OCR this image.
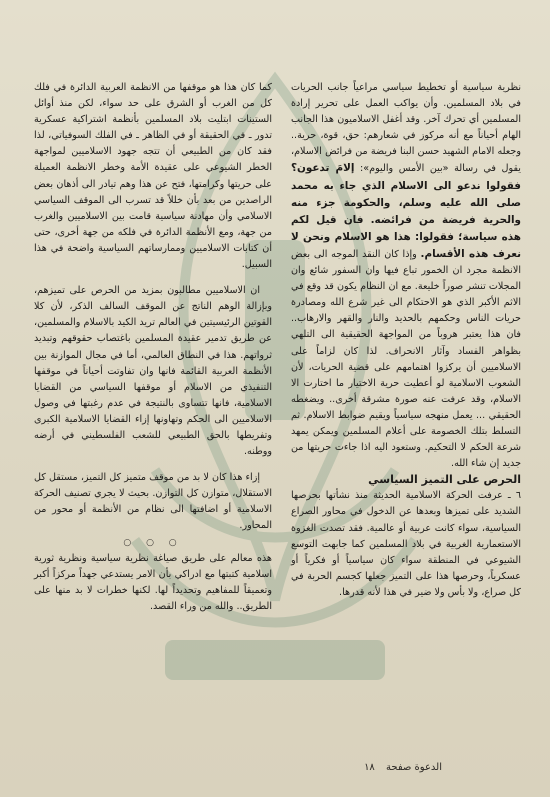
نظرية سياسية أو تخطيط سياسي مراعياً جانب الحريات في بلاد المسلمين. وأن يواكب العمل على تحرير إرادة المسلمين أي تحرك آخر. وقد أغفل الاسلاميون هذا الجانب الهام أحياناً مع أنه مركوز في شعارهم: حق، قوة، حرية.. وجعله الامام الشهيد حسن البنا فريضة من فرائض الاسلام، يقول في رسالة «بين الأمس واليوم»: إلامَ تدعون؟ فقولوا ندعو الى الاسلام الذي جاء به محمد صلى الله عليه وسلم، والحكومة جزء منه والحرية فريضة من فرائضه. فان قيل لكم هذه سياسة؛ فقولوا: هذا هو الاسلام ونحن لا نعرف هذه الأقسام. وإذا كان النقد الموجه الى بعض الانظمة مجرد ان الخمور تباع فيها وان السفور شائع وان المجلات تنشر صوراً خليعة. مع ان النظام يكون قد وقع في الاثم الأكبر الذي هو الاحتكام الى غير شرع الله ومصادرة حريات الناس وحكمهم بالحديد والنار والقهر والارهاب.. فان هذا يعتبر هروباً من المواجهة الحقيقية الى التلهي بظواهر الفساد وآثار الانحراف. لذا كان لزاماً على الاسلاميين أن يركزوا اهتمامهم على قضية الحريات، لأن الشعوب الاسلامية لو أعطيت حرية الاختيار ما اختارت الا الاسلام، وقد عرفت عنه صورة مشرقة أخرى.. ويضغطه الحقيقي ... يعمل منهجه سياسياً ويقيم ضوابط الاسلام. ثم التسلط بتلك الخصومة على أعلام المسلمين ويمكن يمهد شرعة الحكم لا التحكيم. وستعود اليه اذا جاءت حريتها من جديد إن شاء الله.

الحرص على التميز السياسي

٦ ـ عرفت الحركة الاسلامية الحديثة منذ نشأتها بحرصها الشديد على تميزها وبعدها عن الدخول في محاور الصراع السياسية، سواء كانت عربية أو عالمية. فقد تصدت الغزوة الاستعمارية الغربية في بلاد المسلمين كما جابهت التوسع الشيوعي في المنطقة سواء كان سياسياً أو فكرياً أو عسكرياً، وحرصها هذا على التميز جعلها كجسم الحربة في كل صراع، ولا بأس ولا ضير في هذا لأنه قدرها.

كما كان هذا هو موقفها من الانظمة العربية الدائرة في فلك كل من الغرب أو الشرق على حد سواء، لكن منذ أوائل الستينات ابتليت بلاد المسلمين بأنظمة اشتراكية عسكرية تدور ـ في الحقيقة أو في الظاهر ـ في الفلك السوفياتي، لذا فقد كان من الطبيعي أن تتجه جهود الاسلاميين لمواجهة الخطر الشيوعي على عقيدة الأمة وخطر الانظمة العميلة على حريتها وكرامتها، فتح عن هذا وهم تيادر الى أذهان بعض الراصدين من بعد بأن خللاً قد تسرب الى الموقف السياسي الاسلامي وأن مهادنة سياسية قامت بين الاسلاميين والغرب من جهة، ومع الأنظمة الدائرة في فلكه من جهة أخرى، حتى أن كتابات الاسلاميين وممارساتهم السياسية واضحة في هذا السبيل.

ان الاسلاميين مطالبون بمزيد من الحرص على تميزهم، وبإزالة الوهم الناتج عن الموقف السالف الذكر، لأن كلا القوتين الرئيسيتين في العالم تريد الكيد بالاسلام والمسلمين، عن طريق تدمير عقيدة المسلمين باغتصاب حقوقهم وتبديد ثرواتهم. هذا في النطاق العالمي، أما في مجال الموازنة بين الأنظمة العربية القائمة فانها وان تفاوتت أحياناً في موقفها التنفيذي من الاسلام أو موقفها السياسي من القضايا الاسلامية، فانها تتساوى بالنتيجة في عدم رغبتها في وصول الاسلاميين الى الحكم وتهاونها إزاء القضايا الاسلامية الكبرى وتفريطها بالحق الطبيعي للشعب الفلسطيني في أرضه ووطنه.

إزاء هذا كان لا بد من موقف متميز كل التميز، مستقل كل الاستقلال، متوازن كل التوازن. بحيث لا يجري تصنيف الحركة الاسلامية أو اضافتها الى نظام من الأنظمة أو محور من المحاور.

○ ○ ○

هذه معالم على طريق صياغة نظرية سياسية ونظرية ثورية اسلامية كتبتها مع ادراكي بأن الامر يستدعي جهداً مركزاً أكبر وتعميقاً للمفاهيم وتحديداً لها. لكنها خطرات لا بد منها على الطريق.. والله من وراء القصد.

الدعوة صفحة ١٨
